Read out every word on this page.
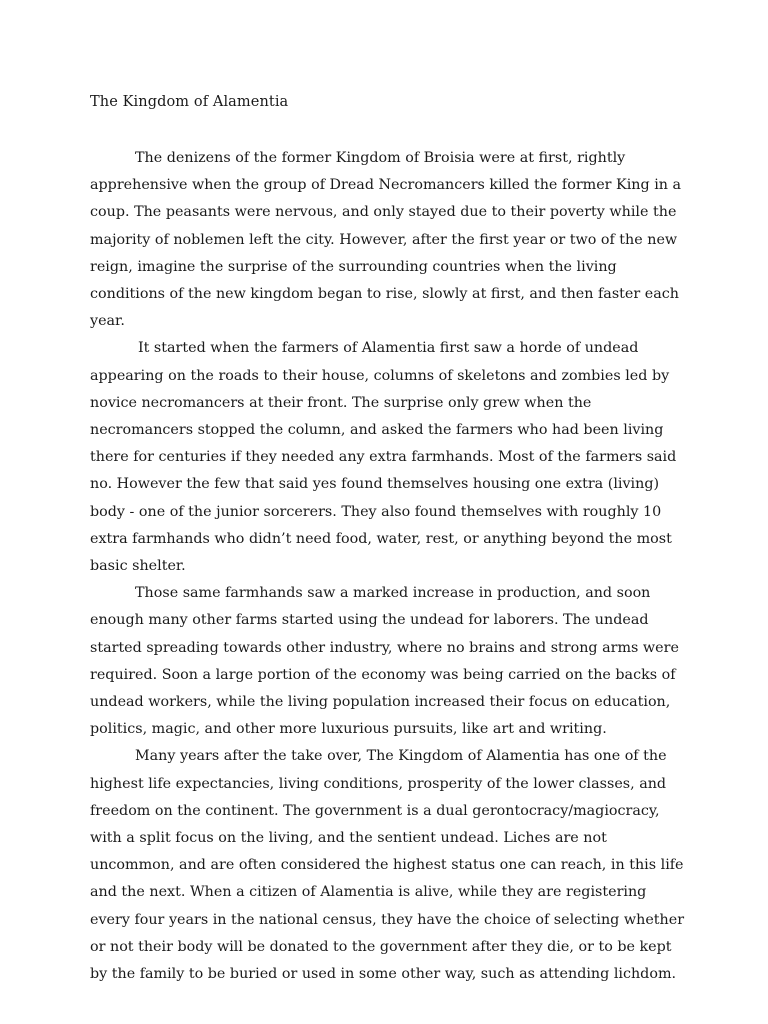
The Kingdom of Alamentia

The denizens of the former Kingdom of Broisia were at first, rightly apprehensive when the group of Dread Necromancers killed the former King in a coup. The peasants were nervous, and only stayed due to their poverty while the majority of noblemen left the city. However, after the first year or two of the new reign, imagine the surprise of the surrounding countries when the living conditions of the new kingdom began to rise, slowly at first, and then faster each year.

It started when the farmers of Alamentia first saw a horde of undead appearing on the roads to their house, columns of skeletons and zombies led by novice necromancers at their front. The surprise only grew when the necromancers stopped the column, and asked the farmers who had been living there for centuries if they needed any extra farmhands. Most of the farmers said no. However the few that said yes found themselves housing one extra (living) body - one of the junior sorcerers. They also found themselves with roughly 10 extra farmhands who didn’t need food, water, rest, or anything beyond the most basic shelter.

Those same farmhands saw a marked increase in production, and soon enough many other farms started using the undead for laborers. The undead started spreading towards other industry, where no brains and strong arms were required. Soon a large portion of the economy was being carried on the backs of undead workers, while the living population increased their focus on education, politics, magic, and other more luxurious pursuits, like art and writing.

Many years after the take over, The Kingdom of Alamentia has one of the highest life expectancies, living conditions, prosperity of the lower classes, and freedom on the continent. The government is a dual gerontocracy/magiocracy, with a split focus on the living, and the sentient undead. Liches are not uncommon, and are often considered the highest status one can reach, in this life and the next. When a citizen of Alamentia is alive, while they are registering every four years in the national census, they have the choice of selecting whether or not their body will be donated to the government after they die, or to be kept by the family to be buried or used in some other way, such as attending lichdom.
